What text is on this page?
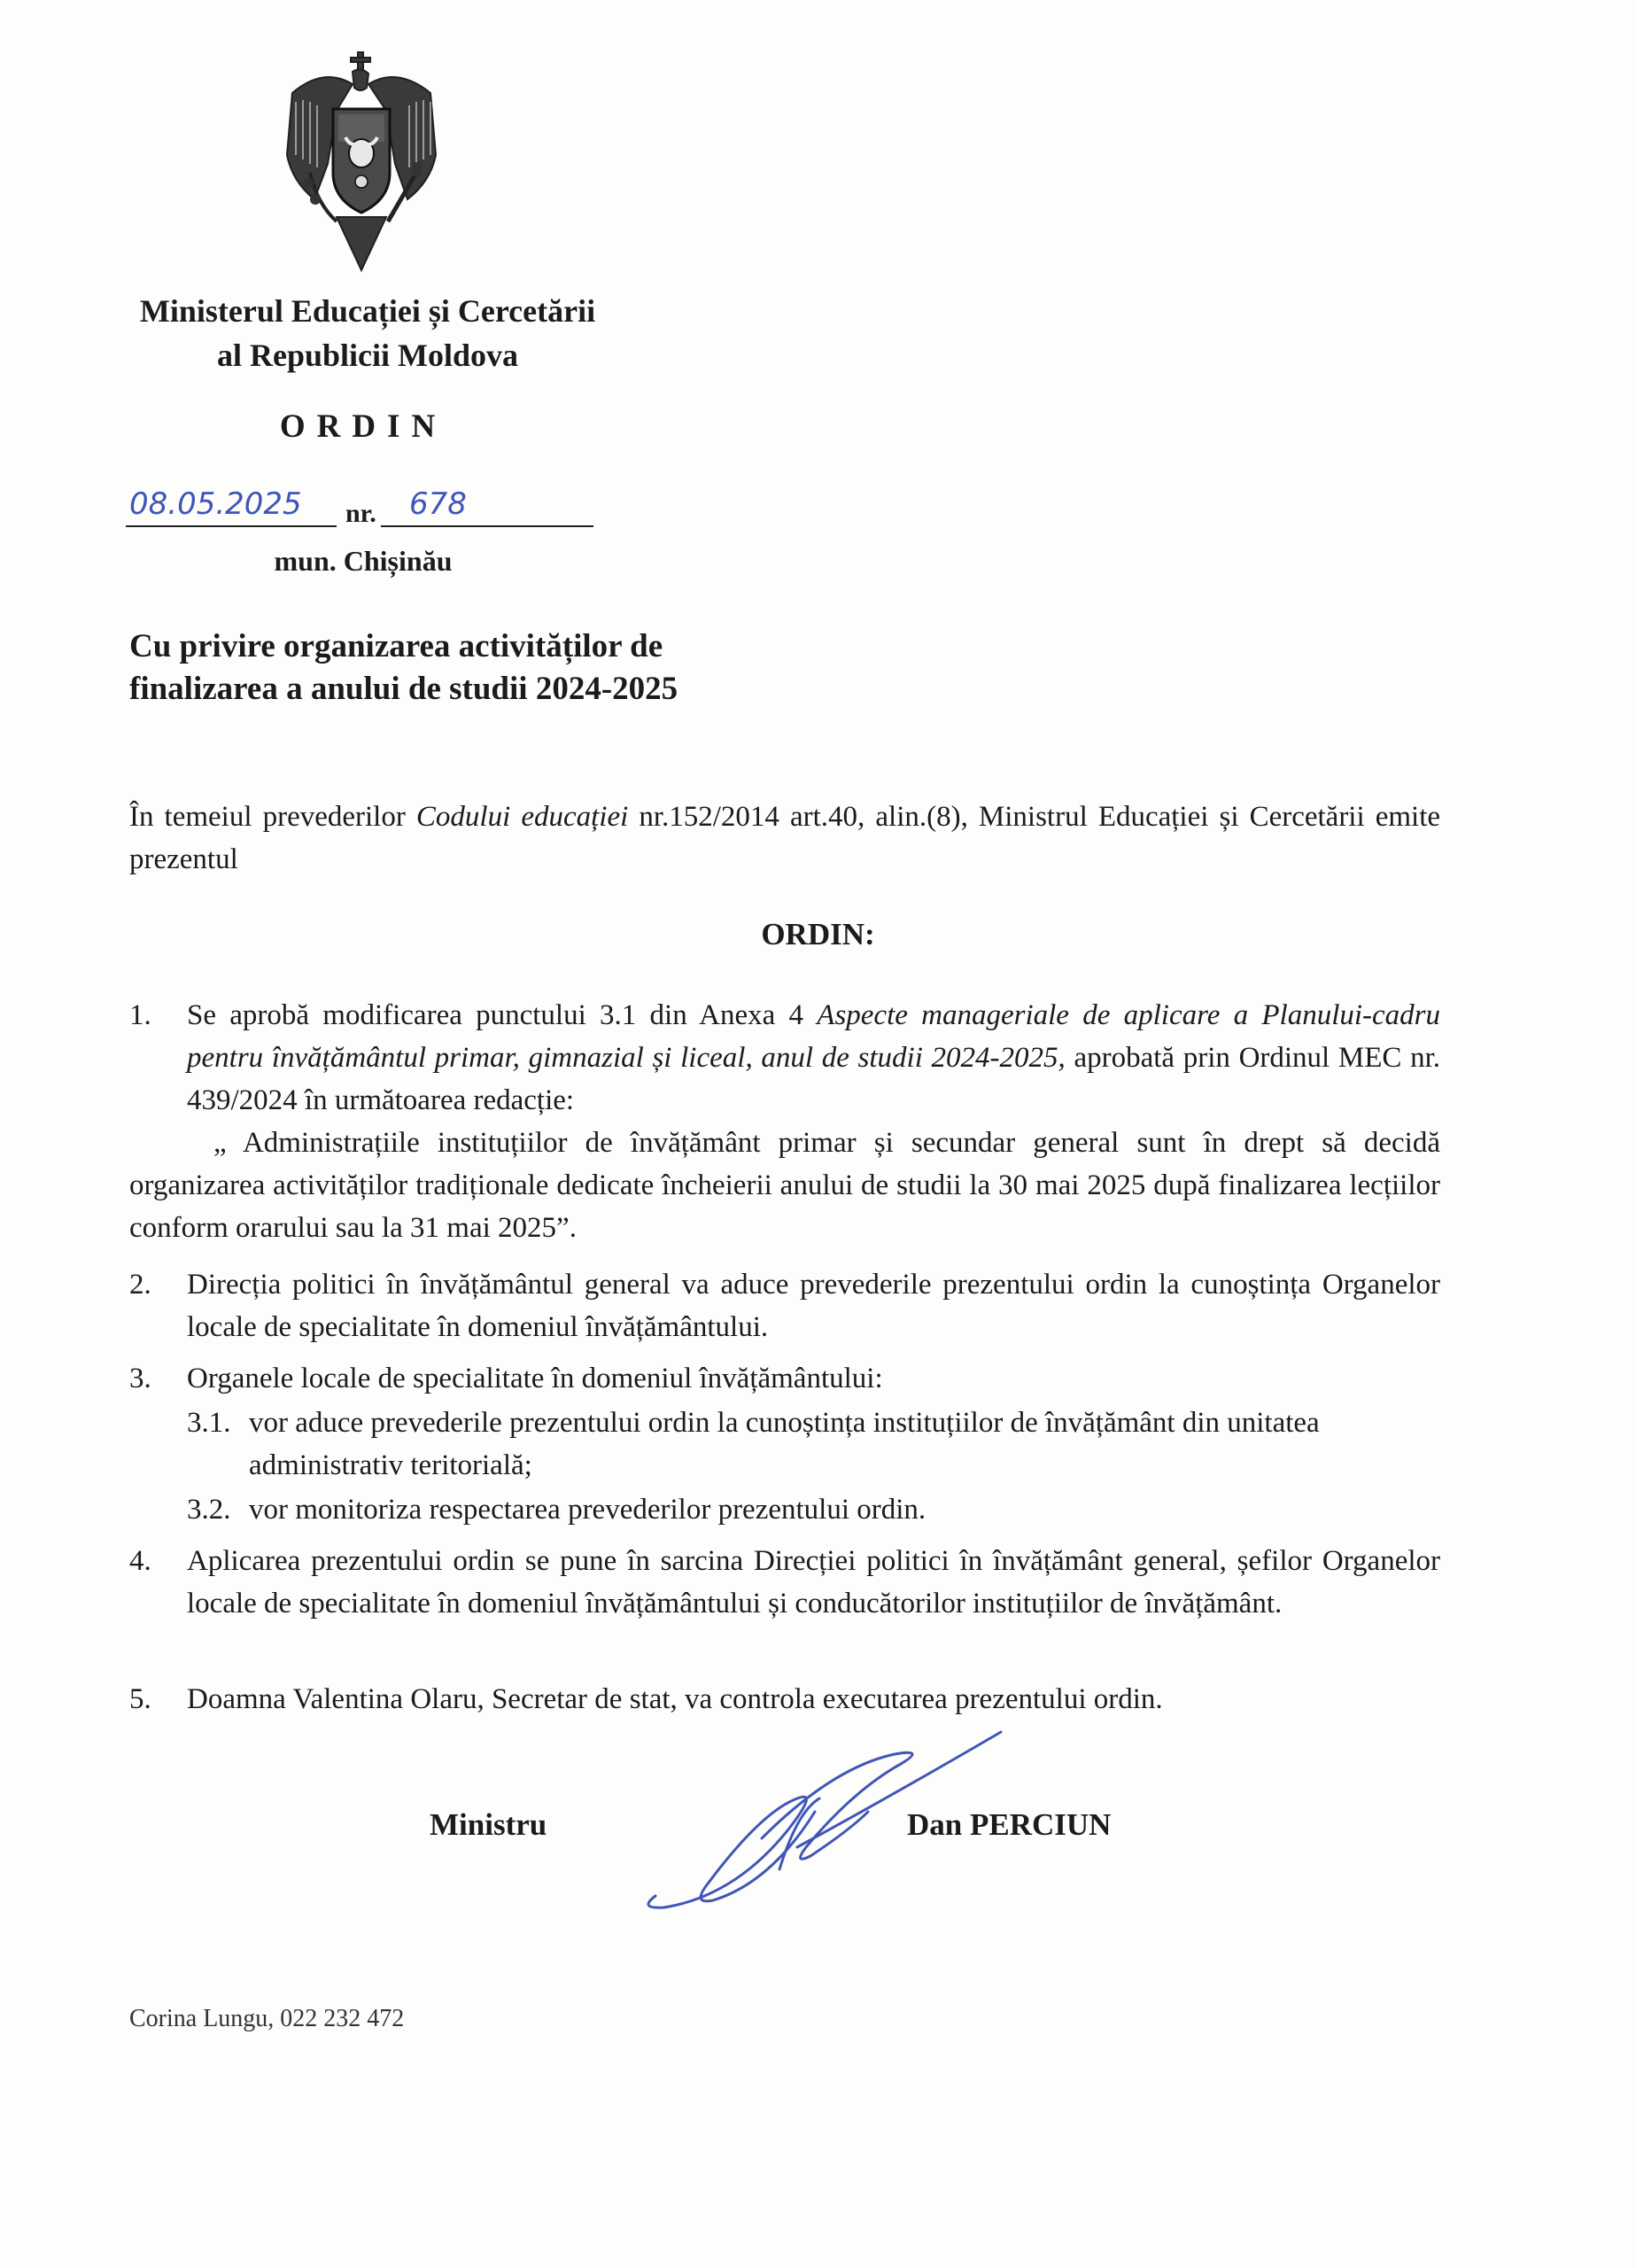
Ministerul Educației și Cercetării
al Republicii Moldova
ORDIN
08.05.2025 nr. 678
mun. Chișinău
Cu privire organizarea activităților de
finalizarea a anului de studii 2024-2025
În temeiul prevederilor Codului educației nr.152/2014 art.40, alin.(8), Ministrul Educației și Cercetării emite prezentul
ORDIN:
1. Se aprobă modificarea punctului 3.1 din Anexa 4 Aspecte manageriale de aplicare a Planului-cadru pentru învățământul primar, gimnazial și liceal, anul de studii 2024-2025, aprobată prin Ordinul MEC nr. 439/2024 în următoarea redacție:
„ Administrațiile instituțiilor de învățământ primar și secundar general sunt în drept să decidă organizarea activităților tradiționale dedicate încheierii anului de studii la 30 mai 2025 după finalizarea lecțiilor conform orarului sau la 31 mai 2025”.
2. Direcția politici în învățământul general va aduce prevederile prezentului ordin la cunoștința Organelor locale de specialitate în domeniul învățământului.
3. Organele locale de specialitate în domeniul învățământului:
3.1. vor aduce prevederile prezentului ordin la cunoștința instituțiilor de învățământ din unitatea administrativ teritorială;
3.2. vor monitoriza respectarea prevederilor prezentului ordin.
4. Aplicarea prezentului ordin se pune în sarcina Direcției politici în învățământ general, șefilor Organelor locale de specialitate în domeniul învățământului și conducătorilor instituțiilor de învățământ.
5. Doamna Valentina Olaru, Secretar de stat, va controla executarea prezentului ordin.
Ministru	Dan PERCIUN
Corina Lungu, 022 232 472
